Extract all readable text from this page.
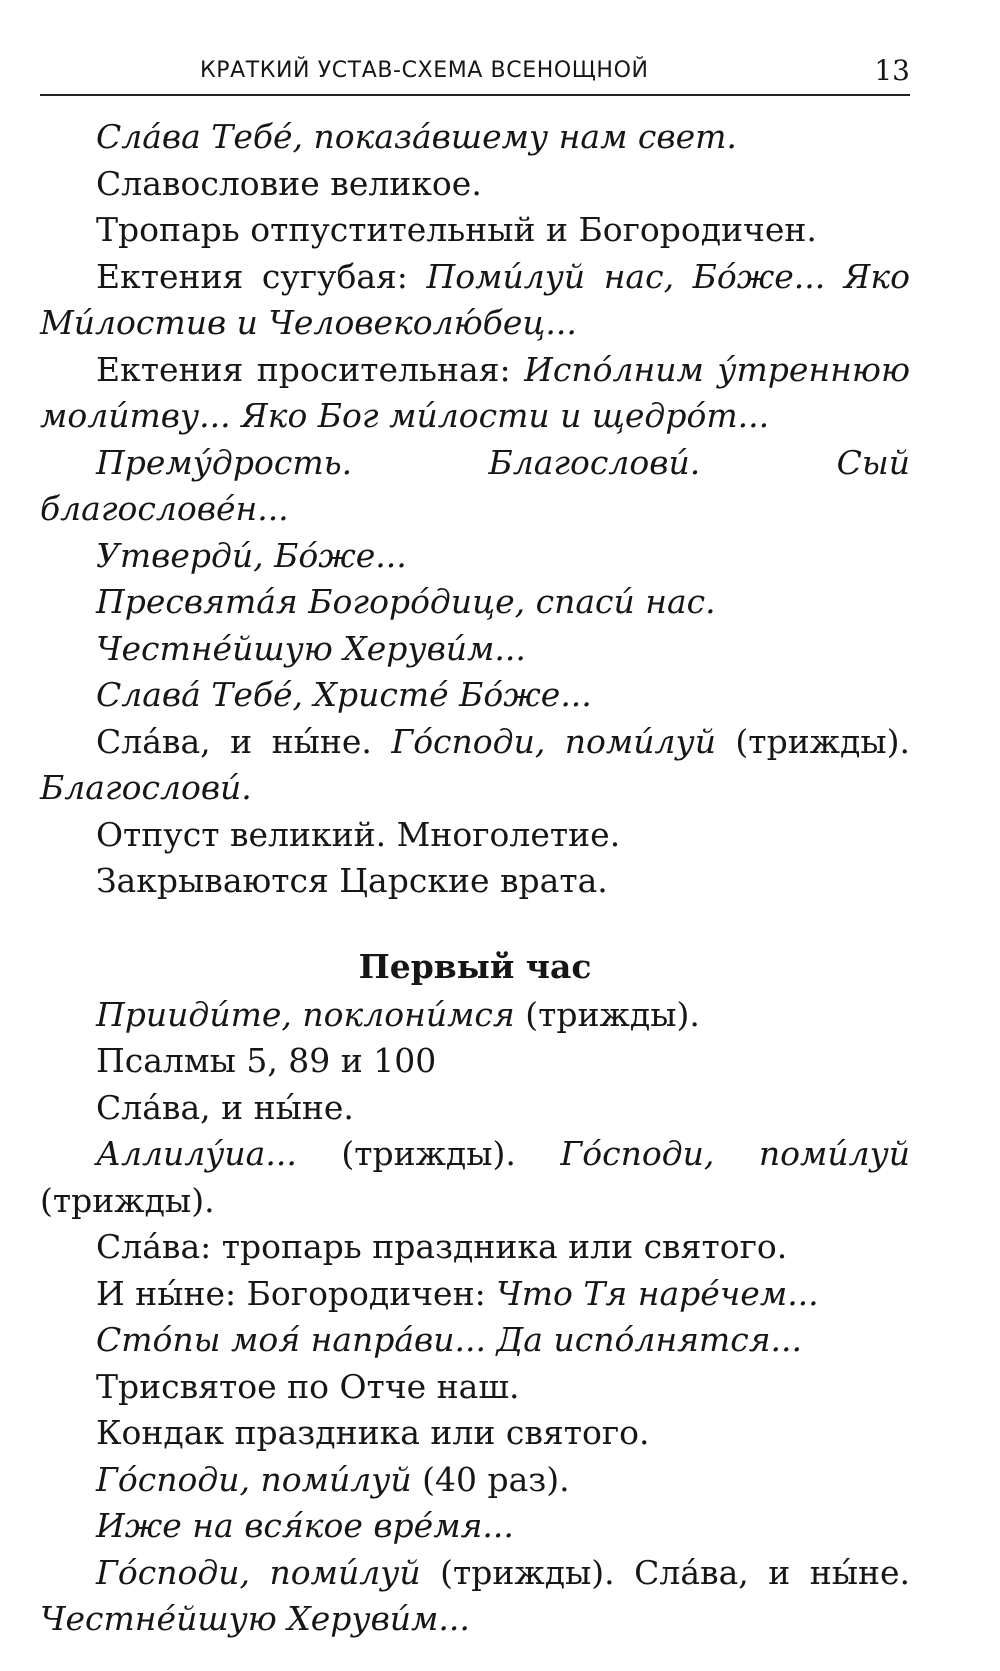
КРАТКИЙ УСТАВ-СХЕМА ВСЕНОЩНОЙ	13

Сла́ва Тебе́, показа́вшему нам свет.

Славословие великое.

Тропарь отпустительный и Богородичен.

Ектения сугубая: Поми́луй нас, Бо́же... Яко Ми́лостив и Человеколю́бец...

Ектения просительная: Испо́лним у́треннюю моли́тву... Яко Бог ми́лости и щедро́т...

Прему́дрость. Благослови́. Сый благослове́н...

Утверди́, Бо́же...

Пресвята́я Богоро́дице, спаси́ нас.

Честне́йшую Херуви́м...

Слава́ Тебе́, Христе́ Бо́же...

Сла́ва, и ны́не. Го́споди, поми́луй (трижды). Благослови́.

Отпуст великий. Многолетие.

Закрываются Царские врата.

Первый час

Прииди́те, поклони́мся (трижды).

Псалмы 5, 89 и 100

Сла́ва, и ны́не.

Аллилу́иа... (трижды). Го́споди, поми́луй (трижды).

Сла́ва: тропарь праздника или святого.

И ны́не: Богородичен: Что Тя наре́чем...

Сто́пы моя́ напра́ви... Да испо́лнятся...

Трисвятое по Отче наш.

Кондак праздника или святого.

Го́споди, поми́луй (40 раз).

Иже на вся́кое вре́мя...

Го́споди, поми́луй (трижды). Сла́ва, и ны́не. Честне́йшую Херуви́м...
